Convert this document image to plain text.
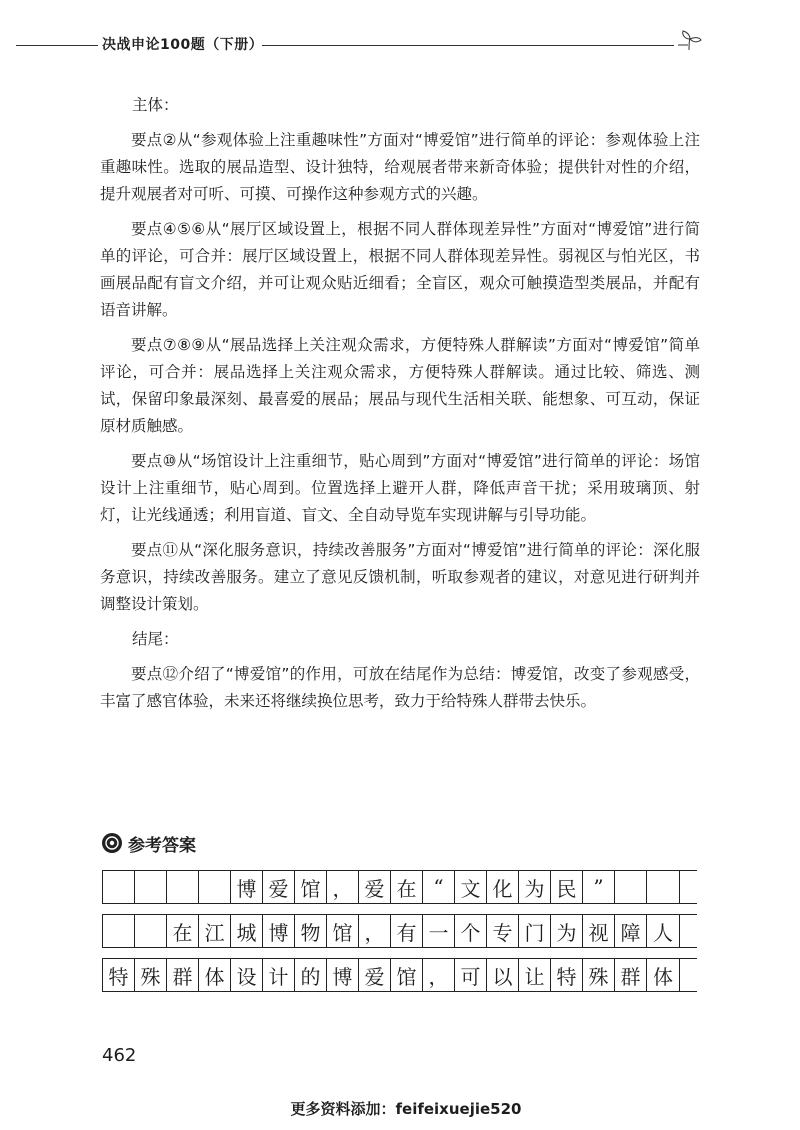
决战申论100题（下册）

主体：

要点②从“参观体验上注重趣味性”方面对“博爱馆”进行简单的评论：参观体验上注重趣味性。选取的展品造型、设计独特，给观展者带来新奇体验；提供针对性的介绍，提升观展者对可听、可摸、可操作这种参观方式的兴趣。

要点④⑤⑥从“展厅区域设置上，根据不同人群体现差异性”方面对“博爱馆”进行简单的评论，可合并：展厅区域设置上，根据不同人群体现差异性。弱视区与怕光区，书画展品配有盲文介绍，并可让观众贴近细看；全盲区，观众可触摸造型类展品，并配有语音讲解。

要点⑦⑧⑨从“展品选择上关注观众需求，方便特殊人群解读”方面对“博爱馆”简单评论，可合并：展品选择上关注观众需求，方便特殊人群解读。通过比较、筛选、测试，保留印象最深刻、最喜爱的展品；展品与现代生活相关联、能想象、可互动，保证原材质触感。

要点⑩从“场馆设计上注重细节，贴心周到”方面对“博爱馆”进行简单的评论：场馆设计上注重细节，贴心周到。位置选择上避开人群，降低声音干扰；采用玻璃顶、射灯，让光线通透；利用盲道、盲文、全自动导览车实现讲解与引导功能。

要点⑪从“深化服务意识，持续改善服务”方面对“博爱馆”进行简单的评论：深化服务意识，持续改善服务。建立了意见反馈机制，听取参观者的建议，对意见进行研判并调整设计策划。

结尾：

要点⑫介绍了“博爱馆”的作用，可放在结尾作为总结：博爱馆，改变了参观感受，丰富了感官体验，未来还将继续换位思考，致力于给特殊人群带去快乐。

参考答案
博 爱 馆 ， 爱 在 “ 文 化 为 民 ”
在 江 城 博 物 馆 ， 有 一 个 专 门 为 视 障 人
特 殊 群 体 设 计 的 博 爱 馆 ， 可 以 让 特 殊 群 体
462
更多资料添加：feifeixuejie520
